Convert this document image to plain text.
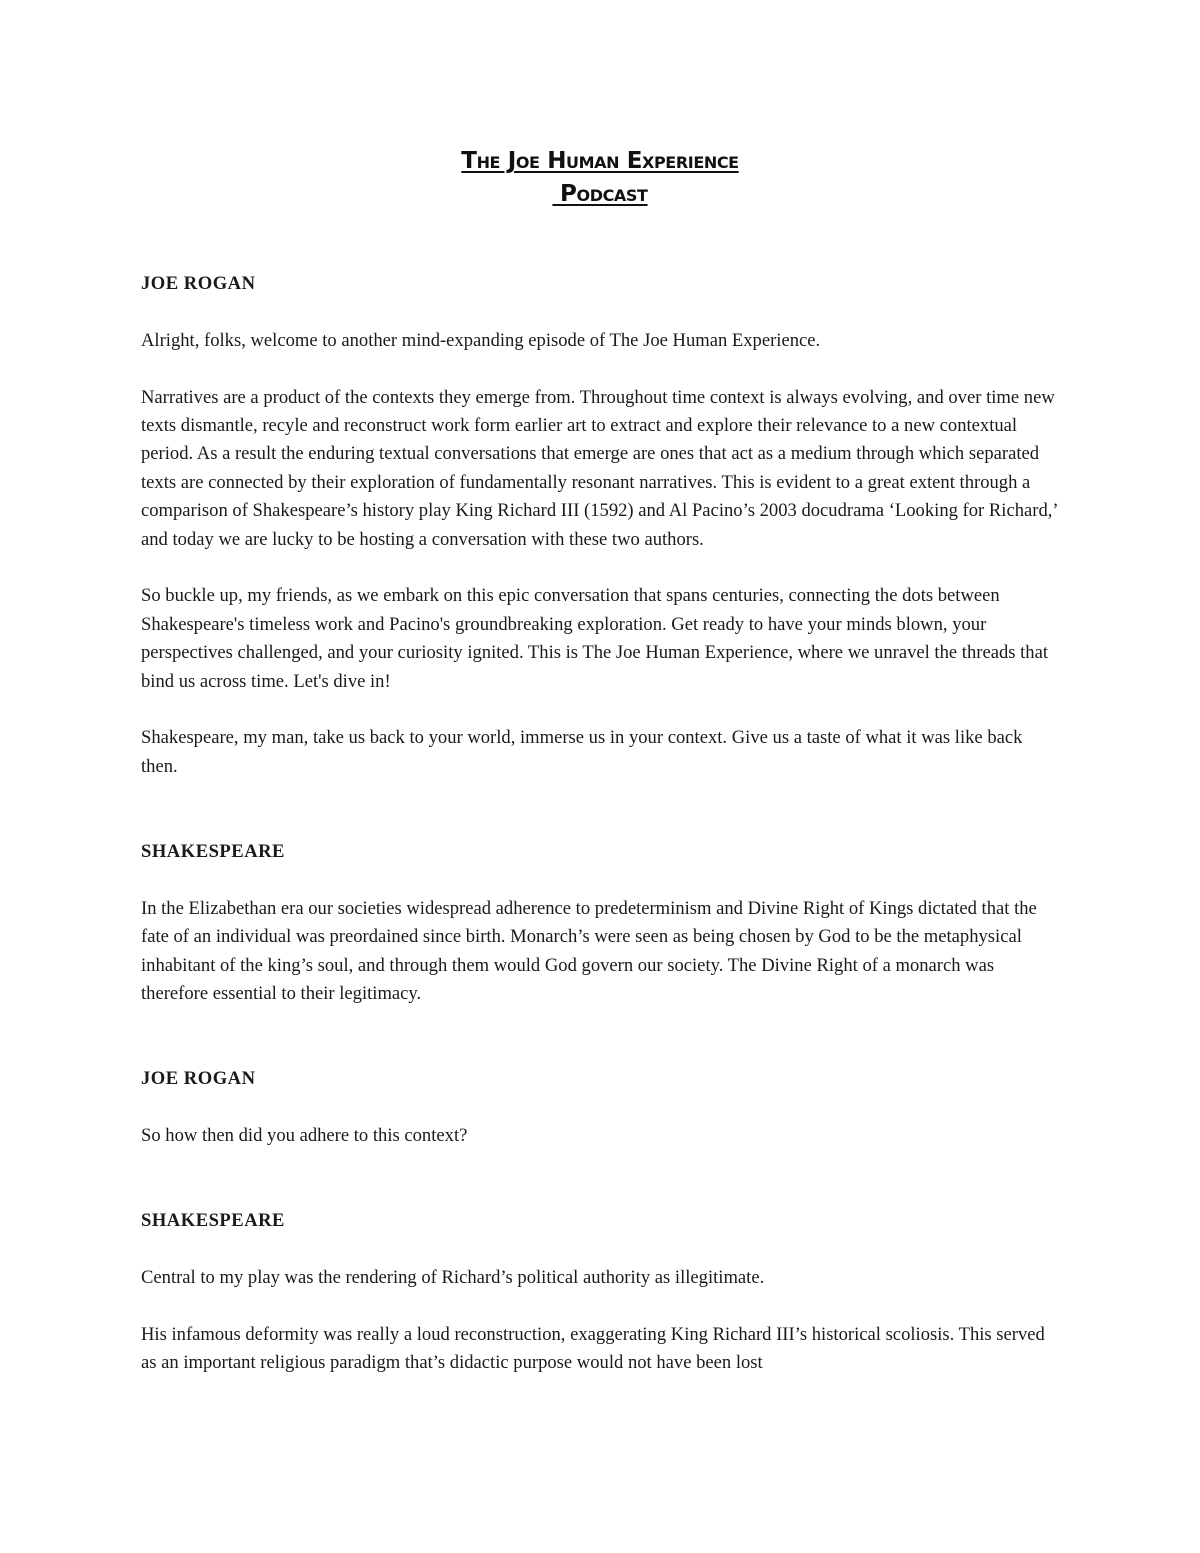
The Joe Human Experience
Podcast

JOE ROGAN

Alright, folks, welcome to another mind-expanding episode of The Joe Human Experience.

Narratives are a product of the contexts they emerge from. Throughout time context is always evolving, and over time new texts dismantle, recyle and reconstruct work form earlier art to extract and explore their relevance to a new contextual period. As a result the enduring textual conversations that emerge are ones that act as a medium through which separated texts are connected by their exploration of fundamentally resonant narratives. This is evident to a great extent through a comparison of Shakespeare’s history play King Richard III (1592) and Al Pacino’s 2003 docudrama ‘Looking for Richard,’ and today we are lucky to be hosting a conversation with these two authors.

So buckle up, my friends, as we embark on this epic conversation that spans centuries, connecting the dots between Shakespeare's timeless work and Pacino's groundbreaking exploration. Get ready to have your minds blown, your perspectives challenged, and your curiosity ignited. This is The Joe Human Experience, where we unravel the threads that bind us across time. Let's dive in!

Shakespeare, my man, take us back to your world, immerse us in your context. Give us a taste of what it was like back then.

SHAKESPEARE

In the Elizabethan era our societies widespread adherence to predeterminism and Divine Right of Kings dictated that the fate of an individual was preordained since birth. Monarch’s were seen as being chosen by God to be the metaphysical inhabitant of the king’s soul, and through them would God govern our society. The Divine Right of a monarch was therefore essential to their legitimacy.

JOE ROGAN

So how then did you adhere to this context?

SHAKESPEARE

Central to my play was the rendering of Richard’s political authority as illegitimate.

His infamous deformity was really a loud reconstruction, exaggerating King Richard III’s historical scoliosis. This served as an important religious paradigm that’s didactic purpose would not have been lost
